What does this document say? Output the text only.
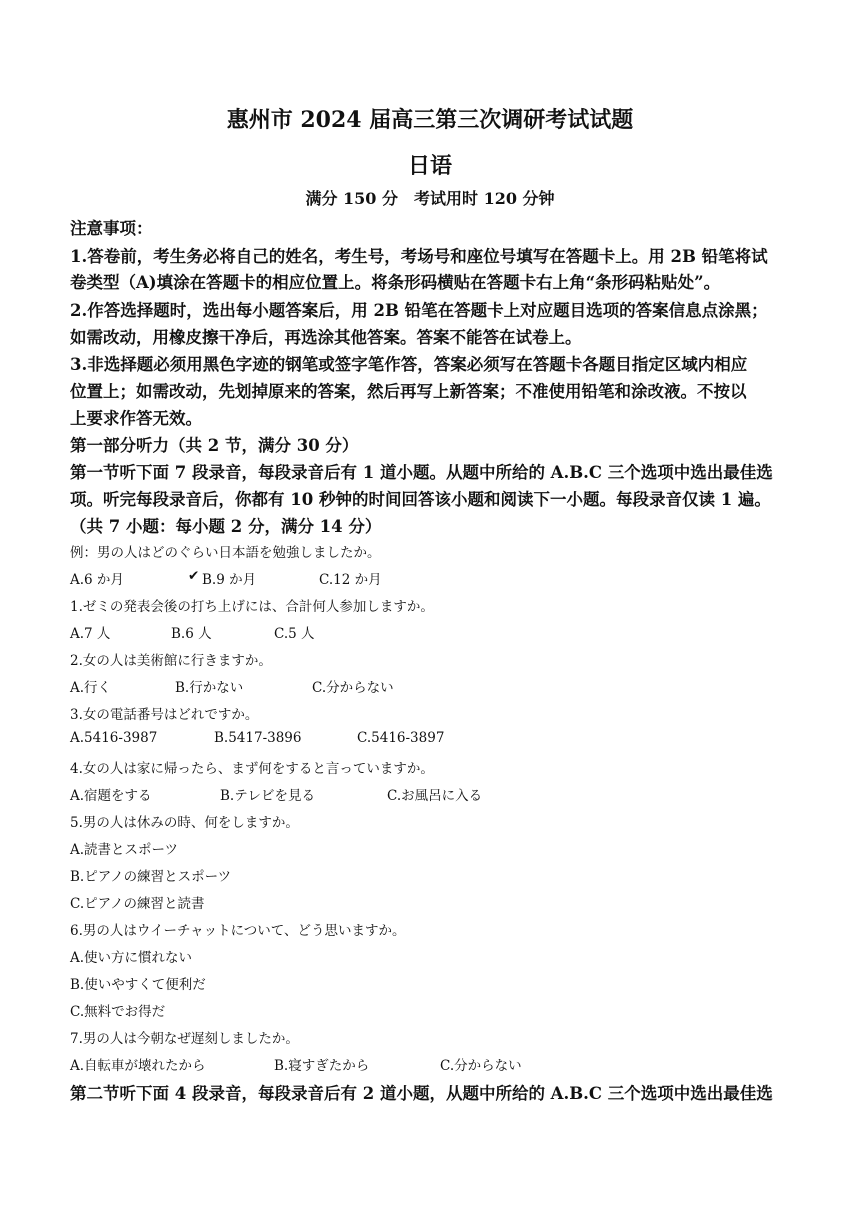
惠州市 2024 届高三第三次调研考试试题
日语
满分 150 分　考试用时 120 分钟
注意事项：
1.答卷前，考生务必将自己的姓名，考生号，考场号和座位号填写在答题卡上。用 2B 铅笔将试
卷类型（A)填涂在答题卡的相应位置上。将条形码横贴在答题卡右上角“条形码粘贴处”。
2.作答选择题时，选出每小题答案后，用 2B 铅笔在答题卡上对应题目选项的答案信息点涂黑；
如需改动，用橡皮擦干净后，再选涂其他答案。答案不能答在试卷上。
3.非选择题必须用黑色字迹的钢笔或签字笔作答，答案必须写在答题卡各题目指定区域内相应
位置上；如需改动，先划掉原来的答案，然后再写上新答案；不准使用铅笔和涂改液。不按以
上要求作答无效。
第一部分听力（共 2 节，满分 30 分）
第一节听下面 7 段录音，每段录音后有 1 道小题。从题中所给的 A.B.C 三个选项中选出最佳选
项。听完每段录音后，你都有 10 秒钟的时间回答该小题和阅读下一小题。每段录音仅读 1 遍。
（共 7 小题：每小题 2 分，满分 14 分）
例：男の人はどのぐらい日本語を勉強しましたか。
A.6 か月	✔ B.9 か月	C.12 か月
1.ゼミの発表会後の打ち上げには、合計何人参加しますか。
A.7 人	B.6 人	C.5 人
2.女の人は美術館に行きますか。
A.行く	B.行かない	C.分からない
3.女の電話番号はどれですか。
A.5416-3987	B.5417-3896	C.5416-3897
4.女の人は家に帰ったら、まず何をすると言っていますか。
A.宿題をする	B.テレビを見る	C.お風呂に入る
5.男の人は休みの時、何をしますか。
A.読書とスポーツ
B.ピアノの練習とスポーツ
C.ピアノの練習と読書
6.男の人はウイーチャットについて、どう思いますか。
A.使い方に慣れない
B.使いやすくて便利だ
C.無料でお得だ
7.男の人は今朝なぜ遅刻しましたか。
A.自転車が壊れたから	B.寝すぎたから	C.分からない
第二节听下面 4 段录音，每段录音后有 2 道小题，从题中所给的 A.B.C 三个选项中选出最佳选
